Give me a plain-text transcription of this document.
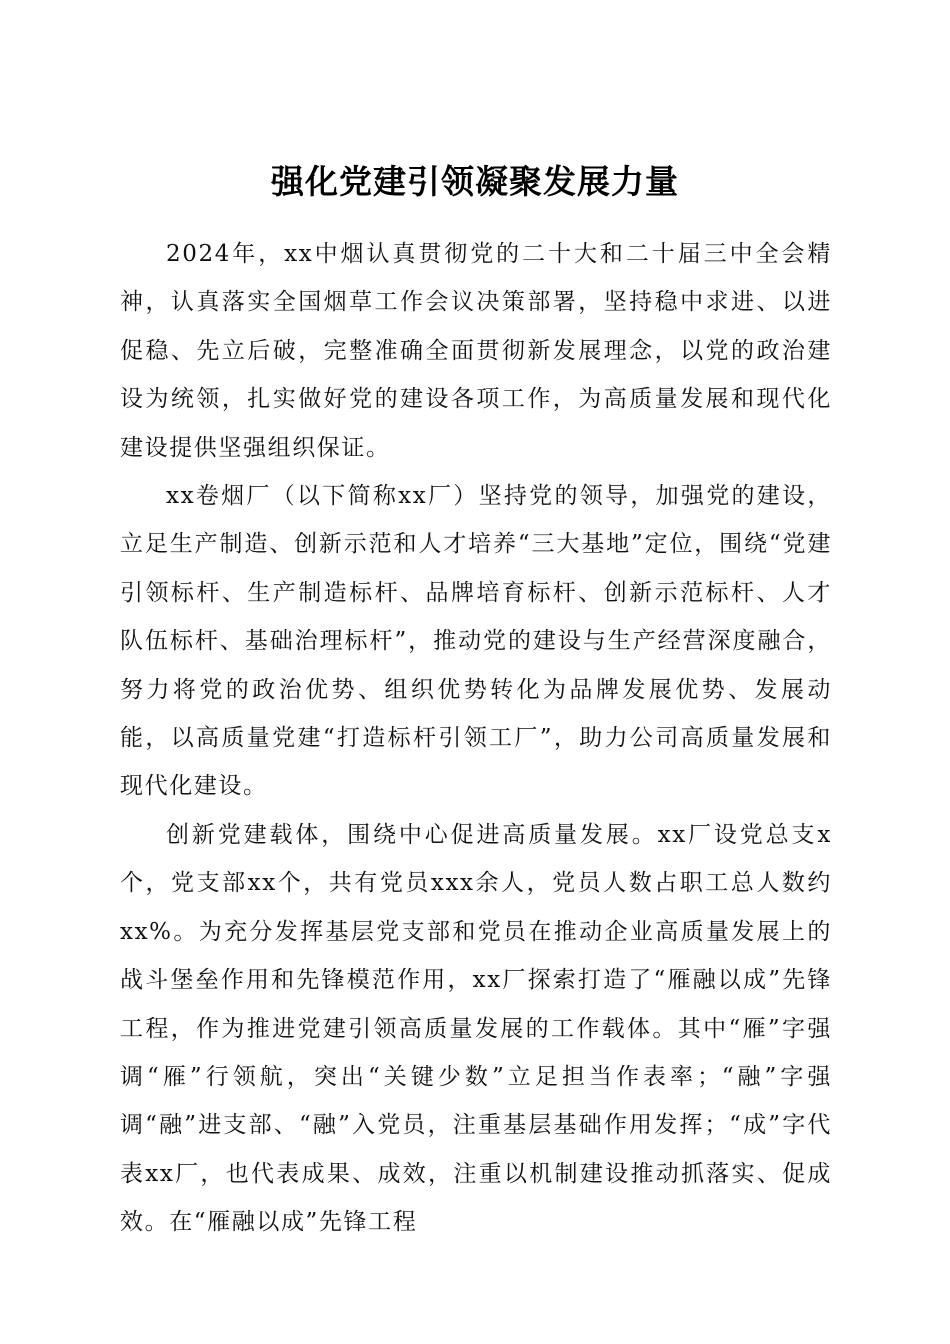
强化党建引领凝聚发展力量

2024年，xx中烟认真贯彻党的二十大和二十届三中全会精神，认真落实全国烟草工作会议决策部署，坚持稳中求进、以进促稳、先立后破，完整准确全面贯彻新发展理念，以党的政治建设为统领，扎实做好党的建设各项工作，为高质量发展和现代化建设提供坚强组织保证。

xx卷烟厂（以下简称xx厂）坚持党的领导，加强党的建设，立足生产制造、创新示范和人才培养“三大基地”定位，围绕“党建引领标杆、生产制造标杆、品牌培育标杆、创新示范标杆、人才队伍标杆、基础治理标杆”，推动党的建设与生产经营深度融合，努力将党的政治优势、组织优势转化为品牌发展优势、发展动能，以高质量党建“打造标杆引领工厂”，助力公司高质量发展和现代化建设。

创新党建载体，围绕中心促进高质量发展。xx厂设党总支x个，党支部xx个，共有党员xxx余人，党员人数占职工总人数约xx%。为充分发挥基层党支部和党员在推动企业高质量发展上的战斗堡垒作用和先锋模范作用，xx厂探索打造了“雁融以成”先锋工程，作为推进党建引领高质量发展的工作载体。其中“雁”字强调“雁”行领航，突出“关键少数”立足担当作表率；“融”字强调“融”进支部、“融”入党员，注重基层基础作用发挥；“成”字代表xx厂，也代表成果、成效，注重以机制建设推动抓落实、促成效。在“雁融以成”先锋工程
